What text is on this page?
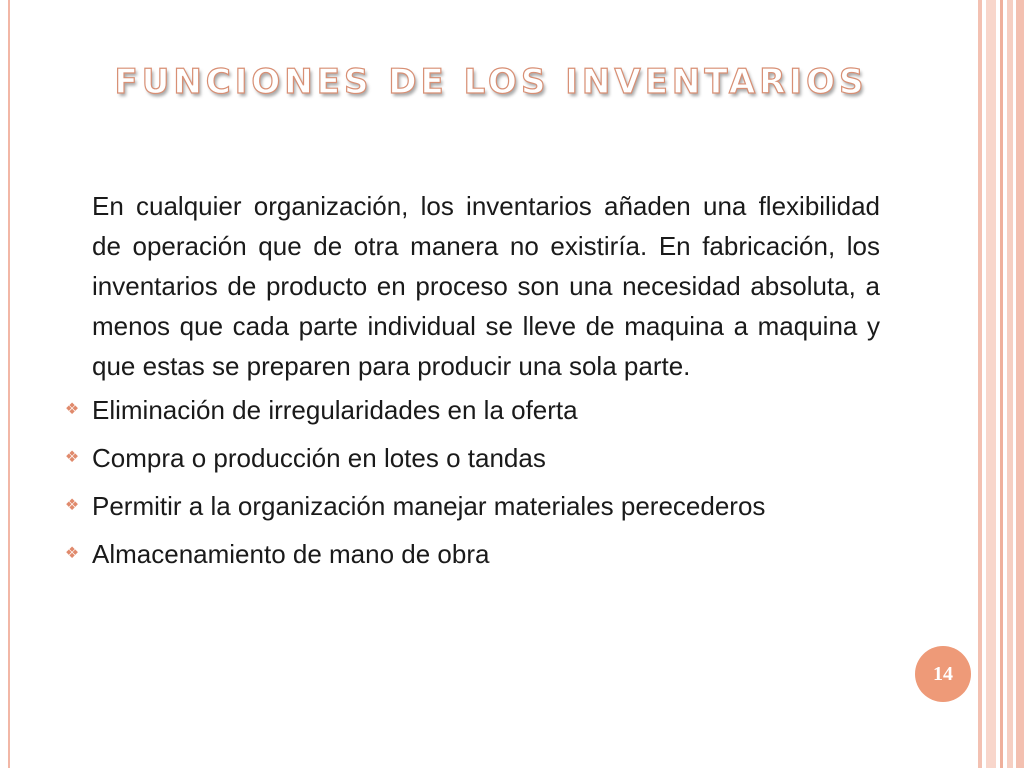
FUNCIONES DE LOS INVENTARIOS

En cualquier organización, los inventarios añaden una flexibilidad de operación que de otra manera no existiría. En fabricación, los inventarios de producto en proceso son una necesidad absoluta, a menos que cada parte individual se lleve de maquina a maquina y que estas se preparen para producir una sola parte.

❖ Eliminación de irregularidades en la oferta
❖ Compra o producción en lotes o tandas
❖ Permitir a la organización manejar materiales perecederos
❖ Almacenamiento de mano de obra
14
